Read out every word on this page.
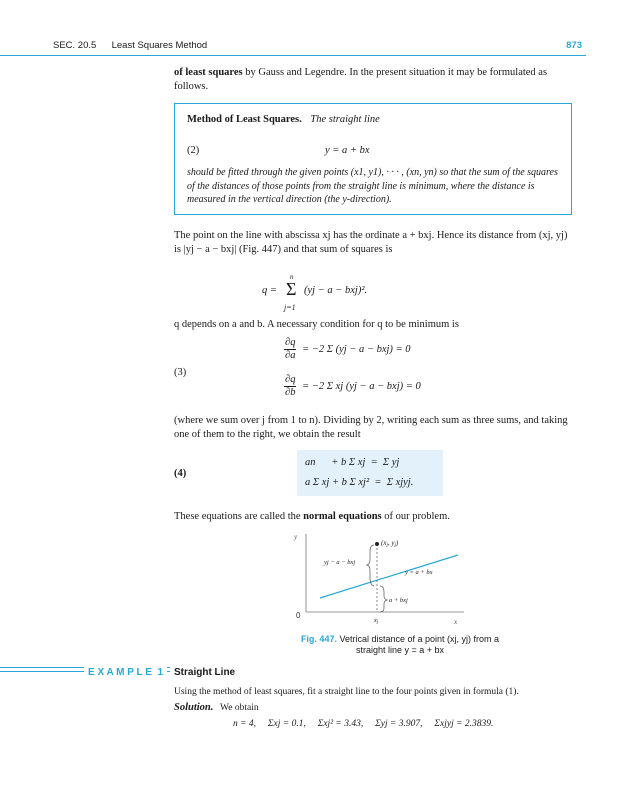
SEC. 20.5 Least Squares Method	873
of least squares by Gauss and Legendre. In the present situation it may be formulated as follows.
Method of Least Squares. The straight line
(2)	y = a + bx
should be fitted through the given points (x1, y1), · · · , (xn, yn) so that the sum of the squares of the distances of those points from the straight line is minimum, where the distance is measured in the vertical direction (the y-direction).
The point on the line with abscissa xj has the ordinate a + bxj. Hence its distance from (xj, yj) is |yj − a − bxj| (Fig. 447) and that sum of squares is
q = Σ
n
j=1
(yj − a − bxj)².
q depends on a and b. A necessary condition for q to be minimum is
(3)
$\frac{\partial q}{\partial a} = -2$ Σ (yj − a − bxj) = 0
$\frac{\partial q}{\partial b} = -2$ Σ xj (yj − a − bxj) = 0
(where we sum over j from 1 to n). Dividing by 2, writing each sum as three sums, and taking one of them to the right, we obtain the result
(4)
an      + b Σ xj  =  Σ yj
a Σ xj + b Σ xj²  =  Σ xjyj.
These equations are called the normal equations of our problem.
y
0
x
(xj, yj)
yj − a − bxj
y = a + bx
a + bxj
xj
Fig. 447. Vetrical distance of a point (xj, yj) from a straight line y = a + bx
E X A M P L E  1	Straight Line
Using the method of least squares, fit a straight line to the four points given in formula (1).
Solution. We obtain
n = 4,     Σxj = 0.1,     Σxj² = 3.43,     Σyj = 3.907,     Σxjyj = 2.3839.
